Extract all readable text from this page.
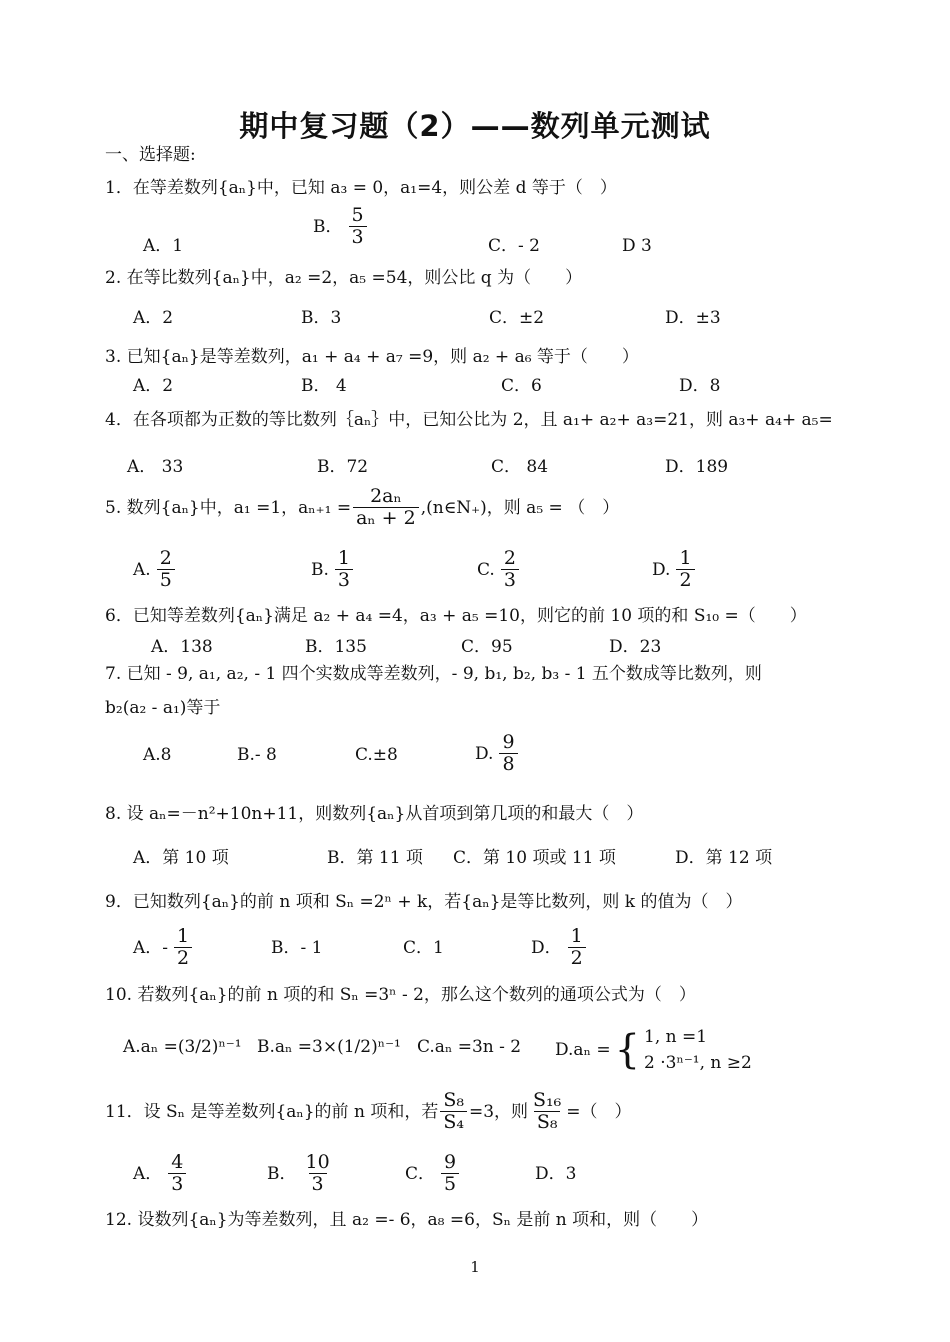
期中复习题（2）——数列单元测试
一、选择题:
1．在等差数列{aₙ}中，已知 a₃ = 0，a₁=4，则公差 d 等于（　）
A．1
B． $\frac{5}{3}$	C．- 2	D 3
2. 在等比数列{aₙ}中，a₂ =2，a₅ =54，则公比 q 为（　　）
A．2	B．3	C．±2	D．±3
3. 已知{aₙ}是等差数列，a₁ + a₄ + a₇ =9，则 a₂ + a₆ 等于（　　）
A．2	B． 4	C．6	D．8
4．在各项都为正数的等比数列｛aₙ｝中，已知公比为 2，且 a₁+ a₂+ a₃=21，则 a₃+ a₄+ a₅=
A． 33	B．72	C． 84	D．189
5. 数列{aₙ}中，a₁ =1，$a_{n+1} = \frac{\text{2aₙ}}{\text{aₙ + 2}}$ ,(n∈N₊)，则 a₅ = （　）
A. $\frac{2}{5}$	B. $\frac{1}{3}$	C. $\frac{2}{3}$	D. $\frac{1}{2}$
6．已知等差数列{aₙ}满足 a₂ + a₄ =4，a₃ + a₅ =10，则它的前 10 项的和 S₁₀ =（　　）
A．138	B．135	C．95	D．23
7. 已知 - 9, a₁, a₂, - 1 四个实数成等差数列，- 9, b₁, b₂, b₃ - 1 五个数成等比数列，则
b₂(a₂ - a₁)等于
A.8	B.- 8	C.±8	D. $\frac{9}{8}$
8. 设 aₙ=－n²+10n+11，则数列{aₙ}从首项到第几项的和最大（　）
A．第 10 项	B．第 11 项 C．第 10 项或 11 项	D．第 12 项
9．已知数列{aₙ}的前 n 项和 Sₙ =2ⁿ + k，若{aₙ}是等比数列，则 k 的值为（　）
A．- $\frac{1}{2}$	B．- 1	C．1	D． $\frac{1}{2}$
10. 若数列{aₙ}的前 n 项的和 Sₙ =3ⁿ - 2，那么这个数列的通项公式为（　）
A.aₙ =(3/2)ⁿ⁻¹ B.aₙ =3×(1/2)ⁿ⁻¹ C.aₙ =3n - 2 D.aₙ = { 1, n =1
2 ·3ⁿ⁻¹, n ≥2
11．设 Sₙ 是等差数列{aₙ}的前 n 项和，若 $\frac{\text{S₈}}{\text{S₄}} =3$，则 $\frac{\text{S₁₆}}{\text{S₈}}$ =（　）
A． $\frac{4}{3}$	B． $\frac{10}{3}$	C． $\frac{9}{5}$	D．3
12. 设数列{aₙ}为等差数列，且 a₂ =- 6，a₈ =6，Sₙ 是前 n 项和，则（　　）
1
